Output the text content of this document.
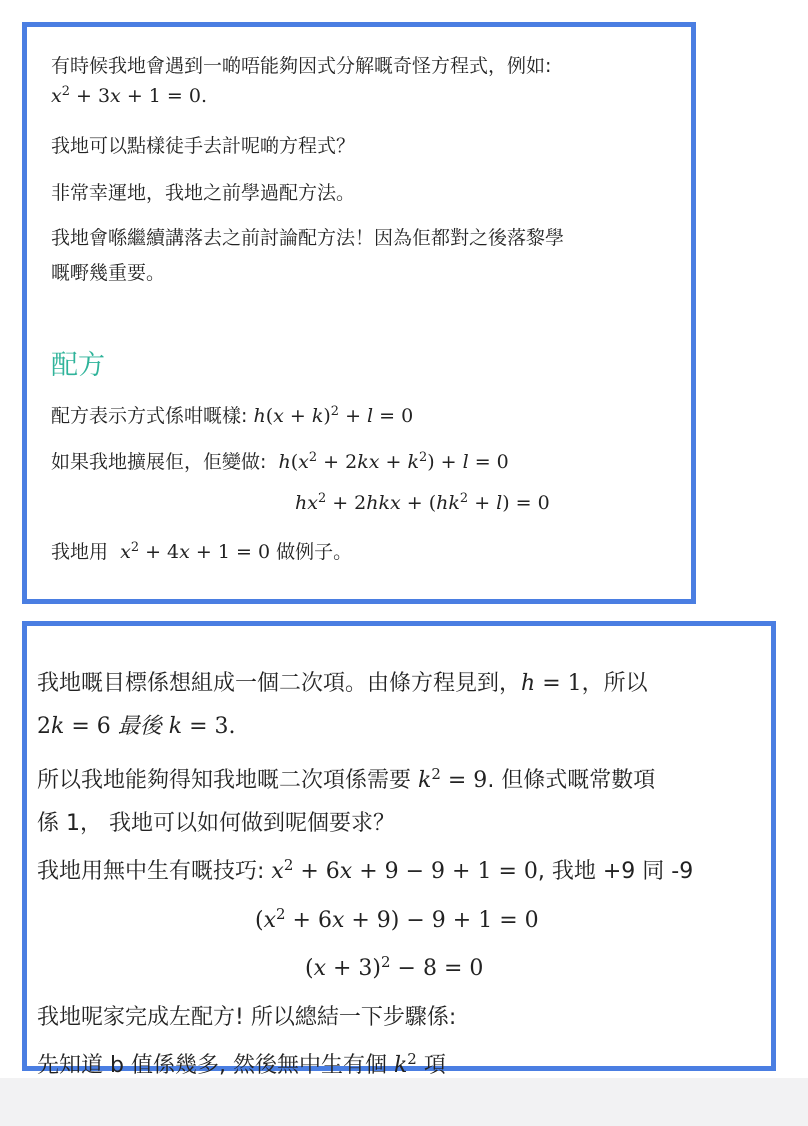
有時候我地會遇到一啲唔能夠因式分解嘅奇怪方程式，例如:
$x^2 + 3x + 1 = 0$.
我地可以點樣徒手去計呢啲方程式？
非常幸運地，我地之前學過配方法。
我地會喺繼續講落去之前討論配方法！因為佢都對之後落黎學
嘅嘢幾重要。
配方
配方表示方式係咁嘅樣: $h(x + k)^2 + l = 0$
如果我地擴展佢，佢變做:  $h(x^2 + 2kx + k^2) + l = 0$
$hx^2 + 2hkx + (hk^2 + l) = 0$
我地用  $x^2 + 4x + 1 = 0$ 做例子。
我地嘅目標係想組成一個二次項。由條方程見到，h = 1，所以
2k = 6 最後 k = 3.
所以我地能夠得知我地嘅二次項係需要 $k^2 = 9$. 但條式嘅常數項
係 1， 我地可以如何做到呢個要求？
我地用無中生有嘅技巧: $x^2 + 6x + 9 - 9 + 1 = 0$, 我地 +9 同 -9
$(x^2 + 6x + 9) - 9 + 1 = 0$
$(x + 3)^2 - 8 = 0$
我地呢家完成左配方! 所以總結一下步驟係:
先知道 b 值係幾多, 然後無中生有個 $k^2$ 項
